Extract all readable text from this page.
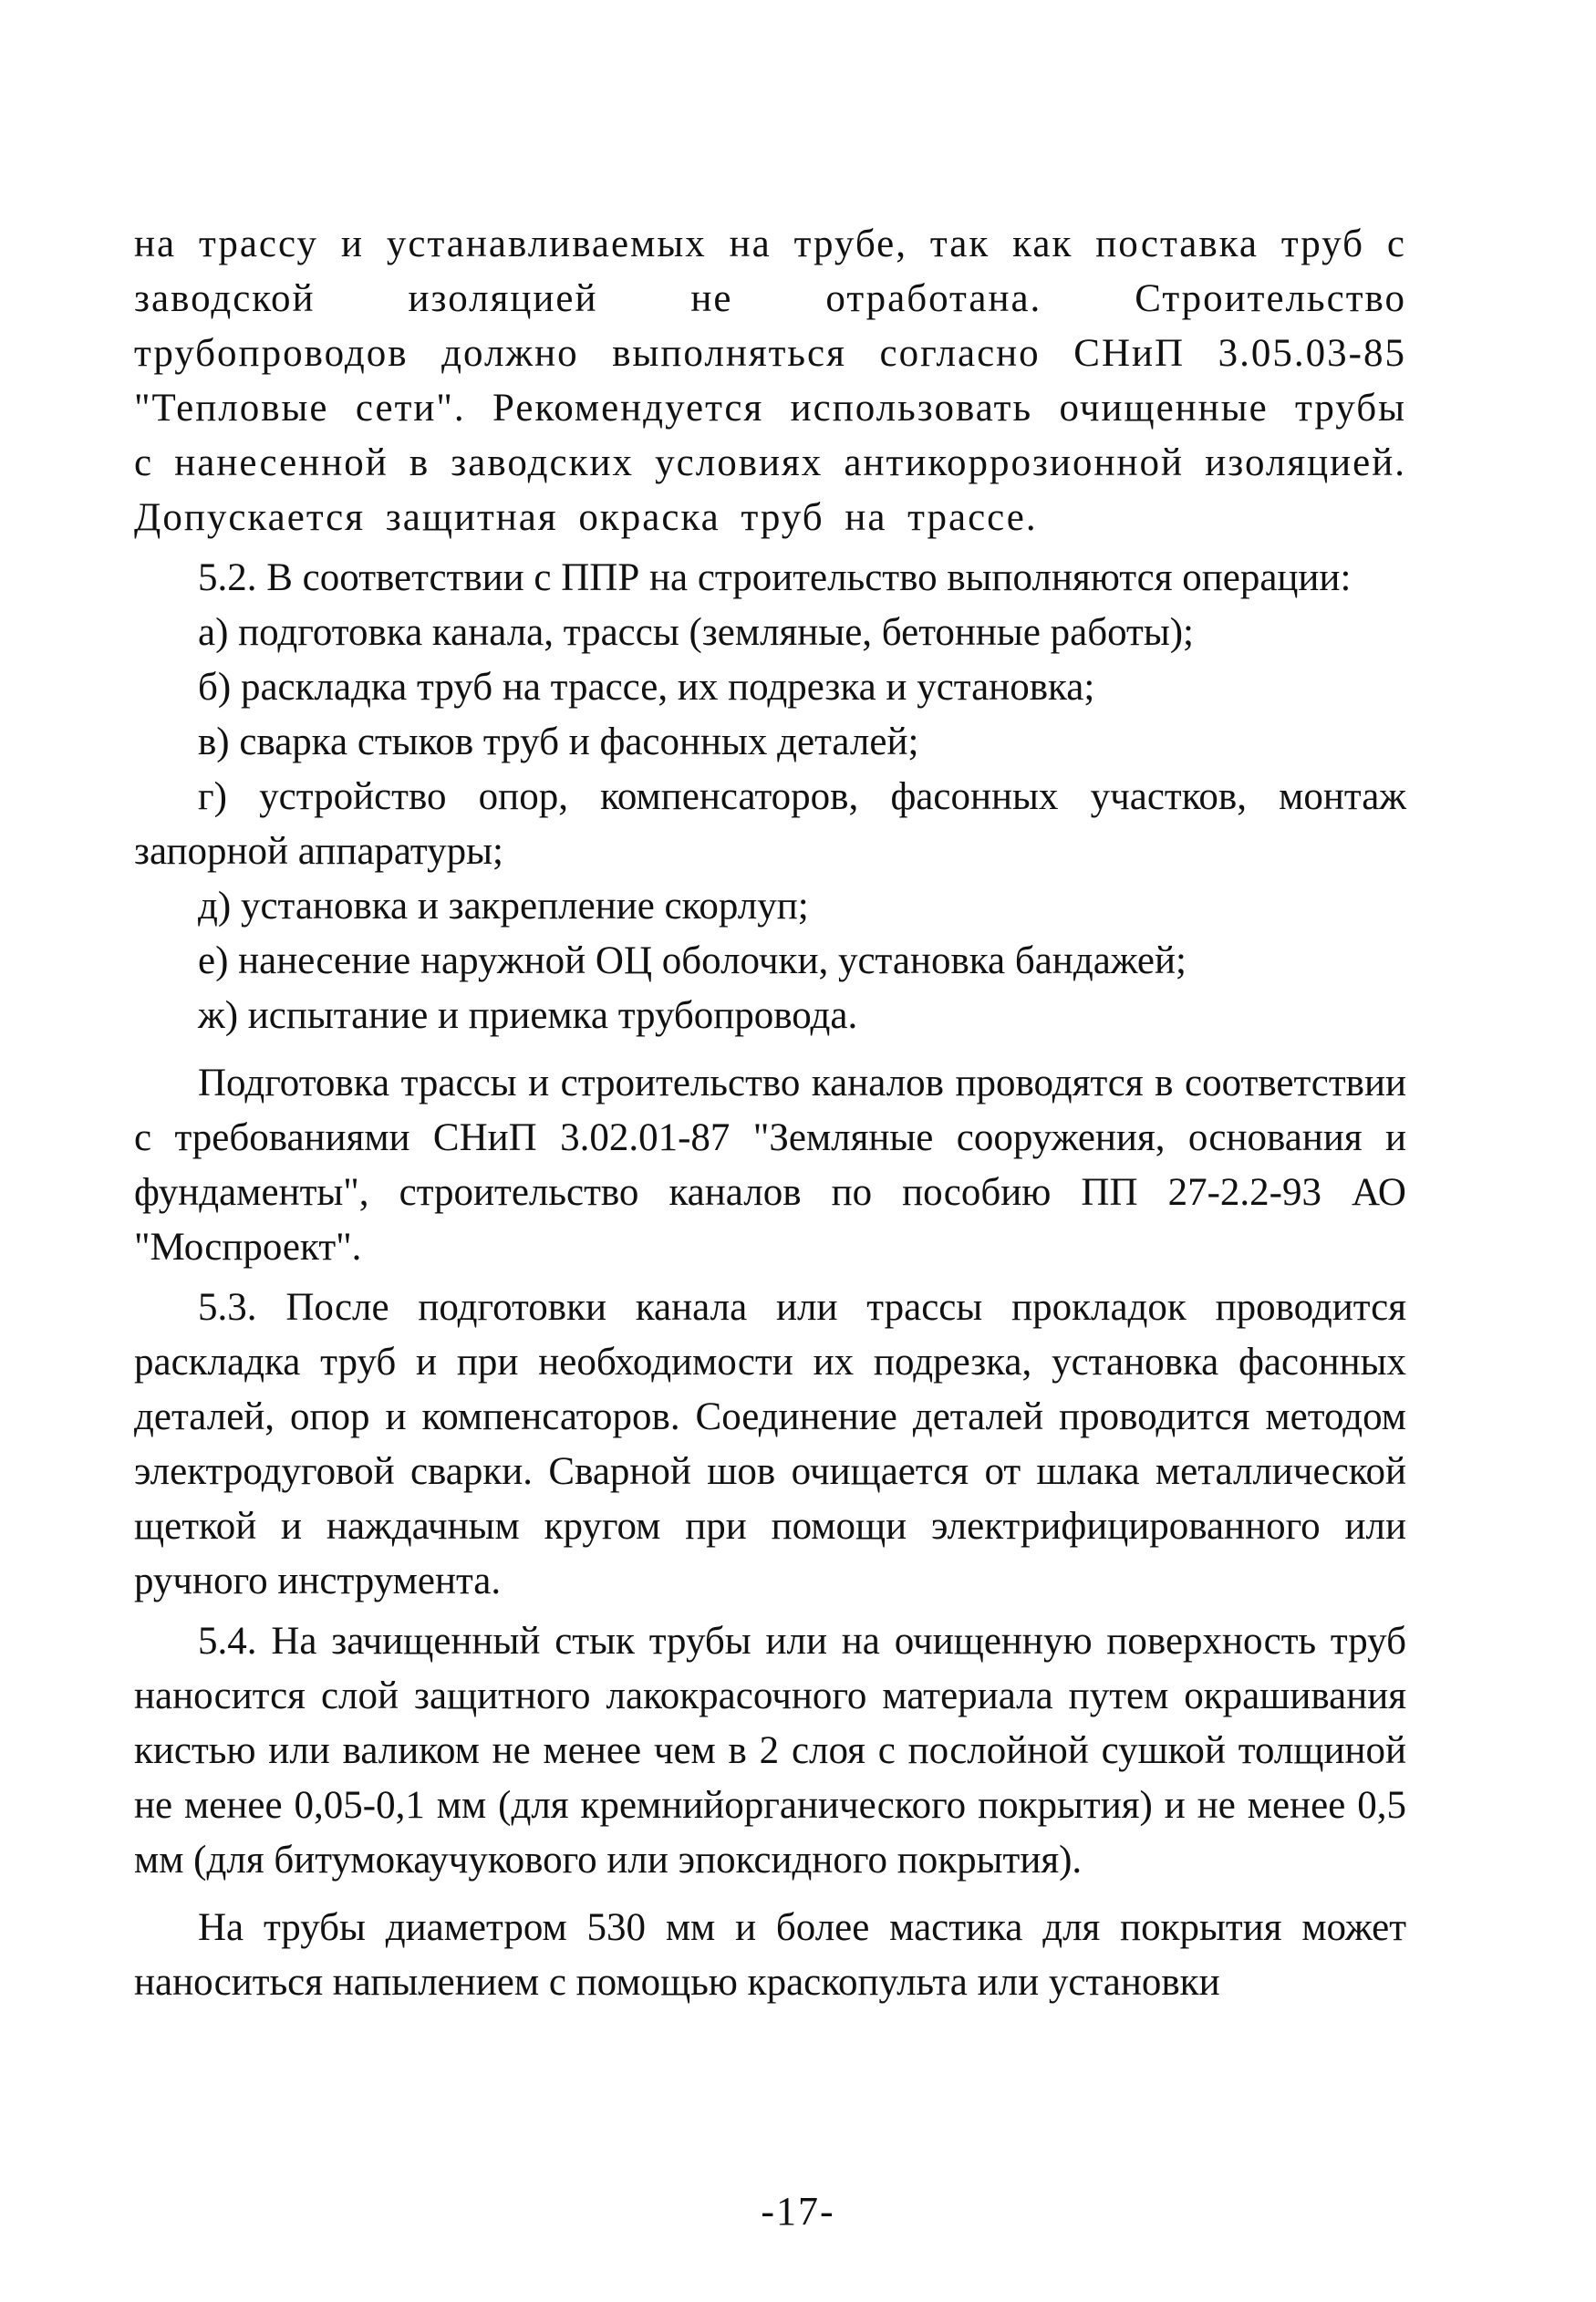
на трассу и устанавливаемых на трубе, так как поставка труб с заводской изоляцией не отработана. Строительство трубопроводов должно выполняться согласно СНиП 3.05.03-85 "Тепловые сети". Рекомендуется использовать очищенные трубы с нанесенной в заводских условиях антикоррозионной изоляцией. Допускается защитная окраска труб на трассе.

5.2. В соответствии с ППР на строительство выполняются операции:

а) подготовка канала, трассы (земляные, бетонные работы);

б) раскладка труб на трассе, их подрезка и установка;

в) сварка стыков труб и фасонных деталей;

г) устройство опор, компенсаторов, фасонных участков, монтаж запорной аппаратуры;

д) установка и закрепление скорлуп;

е) нанесение наружной ОЦ оболочки, установка бандажей;

ж) испытание и приемка трубопровода.

Подготовка трассы и строительство каналов проводятся в соответствии с требованиями СНиП 3.02.01-87 "Земляные сооружения, основания и фундаменты", строительство каналов по пособию ПП 27-2.2-93 АО "Моспроект".

5.3. После подготовки канала или трассы прокладок проводится раскладка труб и при необходимости их подрезка, установка фасонных деталей, опор и компенсаторов. Соединение деталей проводится методом электродуговой сварки. Сварной шов очищается от шлака металлической щеткой и наждачным кругом при помощи электрифицированного или ручного инструмента.

5.4. На зачищенный стык трубы или на очищенную поверхность труб наносится слой защитного лакокрасочного материала путем окрашивания кистью или валиком не менее чем в 2 слоя с послойной сушкой толщиной не менее 0,05-0,1 мм (для кремнийорганического покрытия) и не менее 0,5 мм (для битумокаучукового или эпоксидного покрытия).

На трубы диаметром 530 мм и более мастика для покрытия может наноситься напылением с помощью краскопульта или установки

-17-
